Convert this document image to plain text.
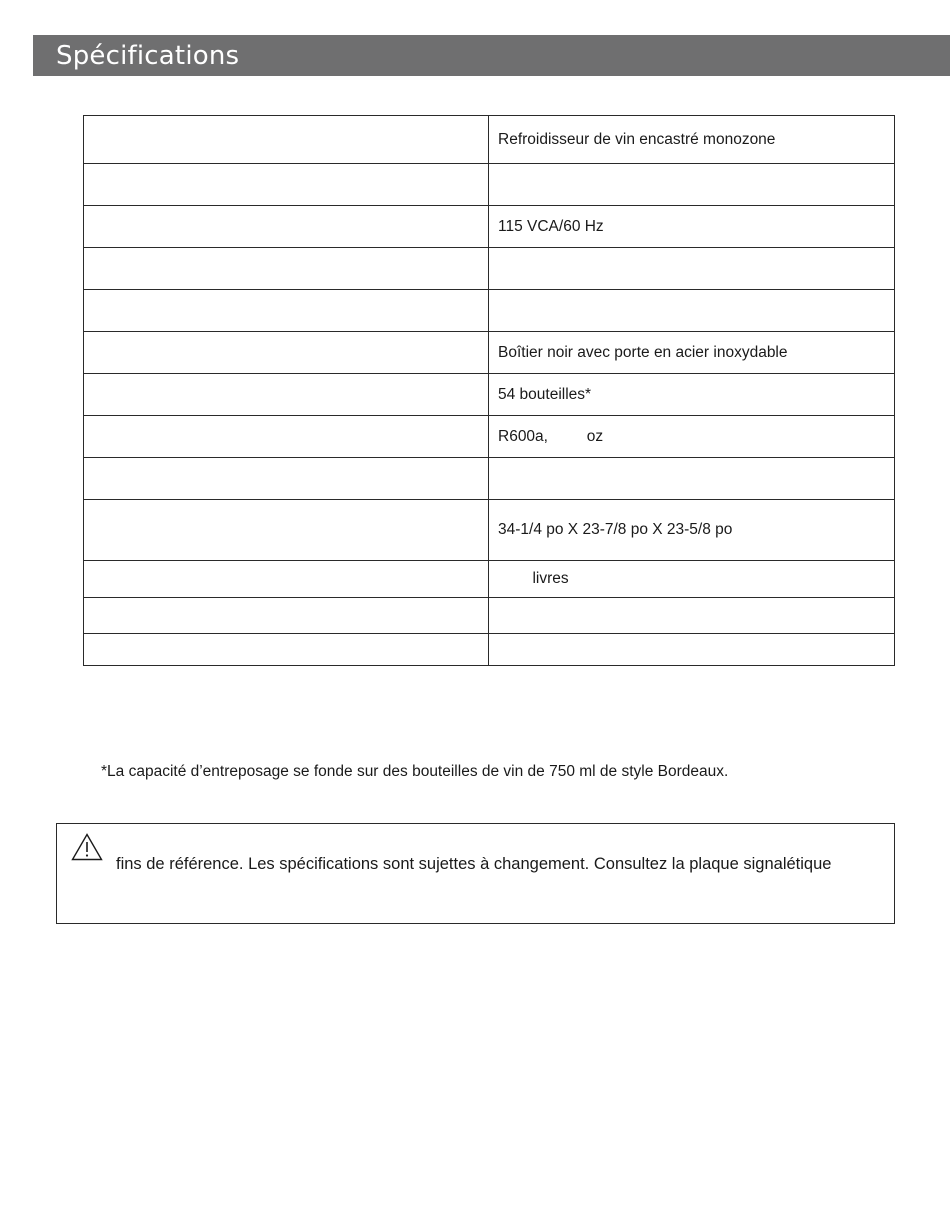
Spécifications
	Refroidisseur de vin encastré monozone

	115 VCA/60 Hz

	Boîtier noir avec porte en acier inoxydable
	54 bouteilles*
	R600a,         oz

	34-1/4 po X 23-7/8 po X 23-5/8 po
	livres

*La capacité d’entreposage se fonde sur des bouteilles de vin de 750 ml de style Bordeaux.
fins de référence. Les spécifications sont sujettes à changement. Consultez la plaque signalétique
